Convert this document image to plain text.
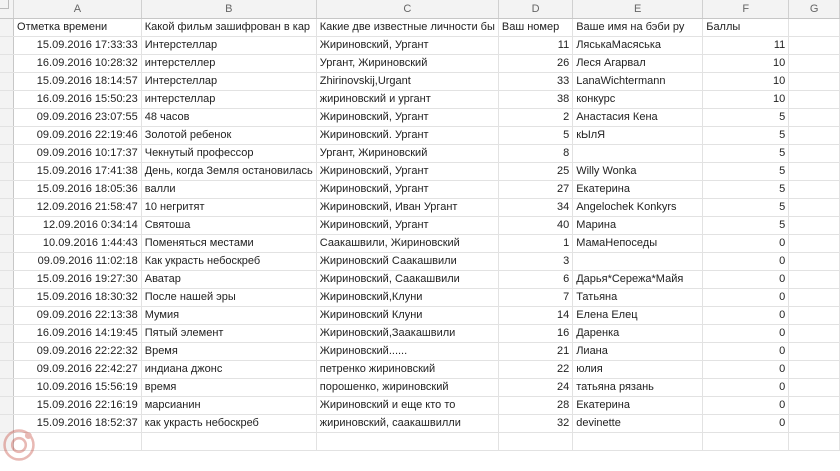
	A	B	C	D	E	F	G
	Отметка времени	Какой фильм зашифрован в кар	Какие две известные личности бы	Ваш номер	Ваше имя на бэби ру	Баллы	
	15.09.2016 17:33:33	Интерстеллар	Жириновский, Ургант	11	ЛяськаМасяська	11	
	16.09.2016 10:28:32	интерстеллер	Ургант, Жириновский	26	Леся Агарвал	10	
	15.09.2016 18:14:57	Интерстеллар	Zhirinovskij,Urgant	33	LanaWichtermann	10	
	16.09.2016 15:50:23	интерстеллар	жириновский и ургант	38	конкурс	10	
	09.09.2016 23:07:55	48 часов	Жириновский, Ургант	2	Анастасия Кена	5	
	09.09.2016 22:19:46	Золотой ребенок	Жириновский. Ургант	5	кЫлЯ	5	
	09.09.2016 10:17:37	Чекнутый профессор	Ургант, Жириновский	8		5	
	15.09.2016 17:41:38	День, когда Земля остановилась	Жириновский, Ургант	25	Willy Wonka	5	
	15.09.2016 18:05:36	валли	Жириновский, Ургант	27	Екатерина	5	
	12.09.2016 21:58:47	10 негритят	Жириновский, Иван Ургант	34	Angelochek Konkyrs	5	
	12.09.2016 0:34:14	Святоша	Жириновский, Ургант	40	Марина	5	
	10.09.2016 1:44:43	Поменяться местами	Саакашвили, Жириновский	1	МамаНепоседы	0	
	09.09.2016 11:02:18	Как украсть небоскреб	Жириновский Саакашвили	3		0	
	15.09.2016 19:27:30	Аватар	Жириновский, Саакашвили	6	Дарья*Сережа*Майя	0	
	15.09.2016 18:30:32	После нашей эры	Жириновский,Клуни	7	Татьяна	0	
	09.09.2016 22:13:38	Мумия	Жириновский Клуни	14	Елена Елец	0	
	16.09.2016 14:19:45	Пятый элемент	Жириновский,Заакашвили	16	Даренка	0	
	09.09.2016 22:22:32	Время	Жириновский......	21	Лиана	0	
	09.09.2016 22:42:27	индиана джонс	петренко жириновский	22	юлия	0	
	10.09.2016 15:56:19	время	порошенко, жириновский	24	татьяна рязань	0	
	15.09.2016 22:16:19	марсианин	Жириновский и еще кто то	28	Екатерина	0	
	15.09.2016 18:52:37	как украсть небоскреб	жириновский, саакашвилли	32	devinette	0	
